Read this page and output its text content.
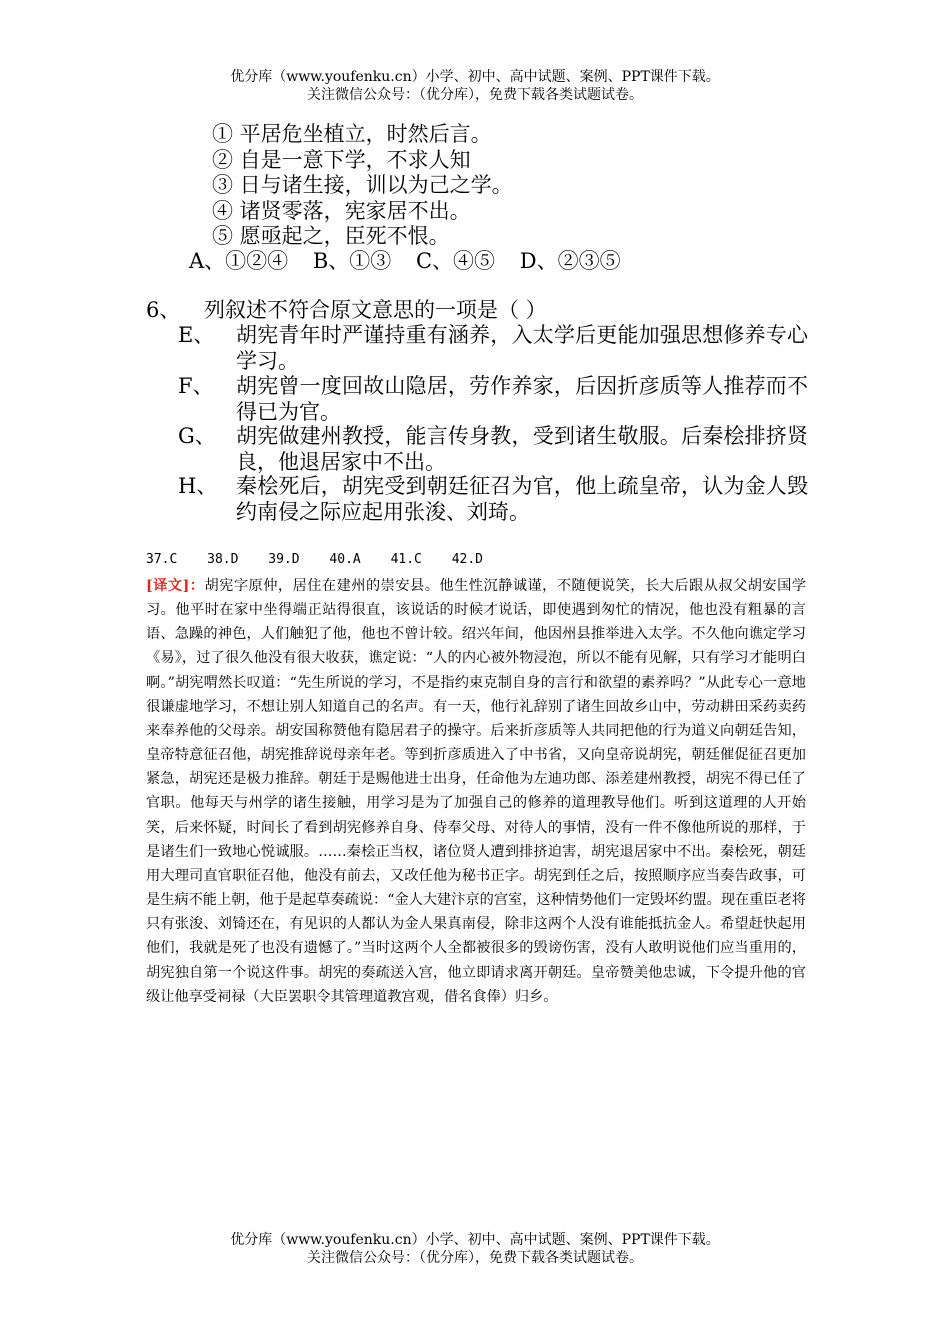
优分库（www.youfenku.cn）小学、初中、高中试题、案例、PPT课件下载。
关注微信公众号：（优分库），免费下载各类试题试卷。
① 平居危坐植立，时然后言。
② 自是一意下学，不求人知
③ 日与诸生接，训以为己之学。
④ 诸贤零落，宪家居不出。
⑤ 愿亟起之，臣死不恨。
A、①②④ B、①③ C、④⑤ D、②③⑤
6、 列叙述不符合原文意思的一项是（ ）
E、 胡宪青年时严谨持重有涵养，入太学后更能加强思想修养专心学习。
F、 胡宪曾一度回故山隐居，劳作养家，后因折彦质等人推荐而不得已为官。
G、 胡宪做建州教授，能言传身教，受到诸生敬服。后秦桧排挤贤良，他退居家中不出。
H、 秦桧死后，胡宪受到朝廷征召为官，他上疏皇帝，认为金人毁约南侵之际应起用张浚、刘琦。
37.C 38.D 39.D 40.A 41.C 42.D
[译文]：胡宪字原仲，居住在建州的崇安县。他生性沉静诚谨，不随便说笑，长大后跟从叔父胡安国学习。他平时在家中坐得端正站得很直，该说话的时候才说话，即使遇到匆忙的情况，他也没有粗暴的言语、急躁的神色，人们触犯了他，他也不曾计较。绍兴年间，他因州县推举进入太学。不久他向谯定学习《易》，过了很久他没有很大收获，谯定说：“人的内心被外物浸泡，所以不能有见解，只有学习才能明白啊。”胡宪喟然长叹道：“先生所说的学习，不是指约束克制自身的言行和欲望的素养吗？”从此专心一意地很谦虚地学习，不想让别人知道自己的名声。有一天，他行礼辞别了诸生回故乡山中，劳动耕田采药卖药来奉养他的父母亲。胡安国称赞他有隐居君子的操守。后来折彦质等人共同把他的行为道义向朝廷告知，皇帝特意征召他，胡宪推辞说母亲年老。等到折彦质进入了中书省，又向皇帝说胡宪，朝廷催促征召更加紧急，胡宪还是极力推辞。朝廷于是赐他进士出身，任命他为左迪功郎、添差建州教授，胡宪不得已任了官职。他每天与州学的诸生接触，用学习是为了加强自己的修养的道理教导他们。听到这道理的人开始笑，后来怀疑，时间长了看到胡宪修养自身、侍奉父母、对待人的事情，没有一件不像他所说的那样，于是诸生们一致地心悦诚服。……秦桧正当权，诸位贤人遭到排挤迫害，胡宪退居家中不出。秦桧死，朝廷用大理司直官职征召他，他没有前去，又改任他为秘书正字。胡宪到任之后，按照顺序应当奏告政事，可是生病不能上朝，他于是起草奏疏说：“金人大建汴京的宫室，这种情势他们一定毁坏约盟。现在重臣老将只有张浚、刘锜还在，有见识的人都认为金人果真南侵，除非这两个人没有谁能抵抗金人。希望赶快起用他们，我就是死了也没有遗憾了。”当时这两个人全都被很多的毁谤伤害，没有人敢明说他们应当重用的，胡宪独自第一个说这件事。胡宪的奏疏送入宫，他立即请求离开朝廷。皇帝赞美他忠诚，下令提升他的官级让他享受祠禄（大臣罢职令其管理道教宫观，借名食俸）归乡。
优分库（www.youfenku.cn）小学、初中、高中试题、案例、PPT课件下载。
关注微信公众号：（优分库），免费下载各类试题试卷。
